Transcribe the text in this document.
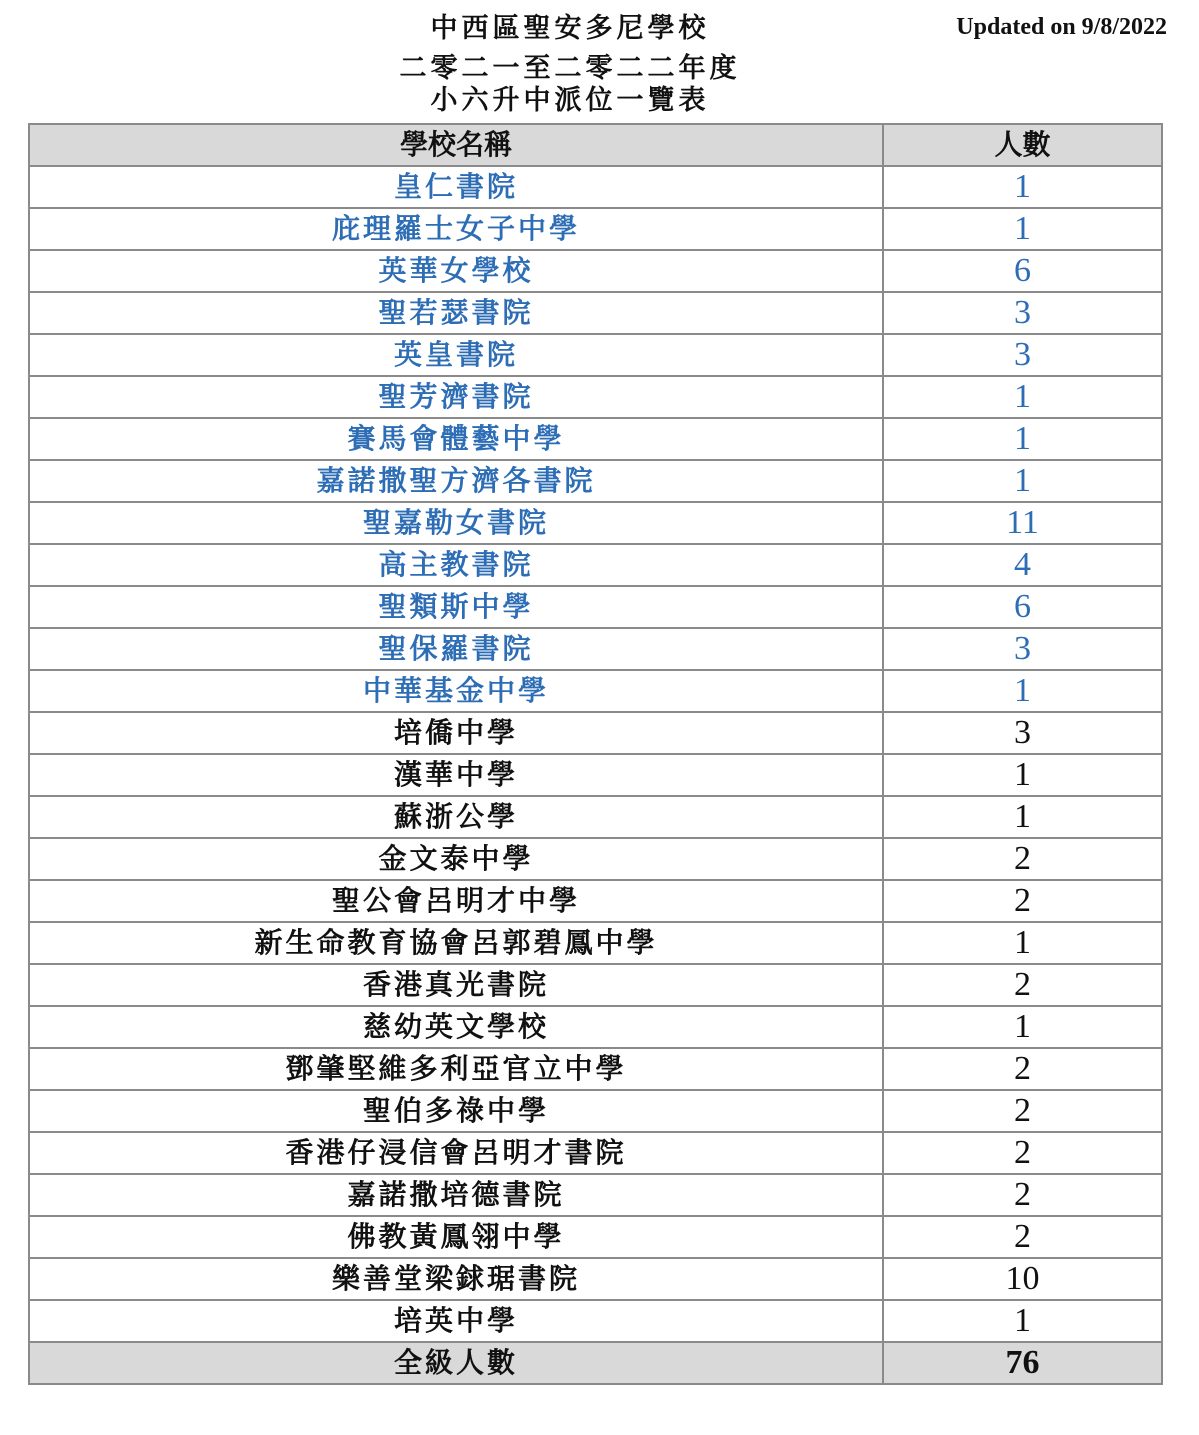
中西區聖安多尼學校
二零二一至二零二二年度
小六升中派位一覽表
Updated on 9/8/2022
學校名稱	人數
皇仁書院	1
庇理羅士女子中學	1
英華女學校	6
聖若瑟書院	3
英皇書院	3
聖芳濟書院	1
賽馬會體藝中學	1
嘉諾撒聖方濟各書院	1
聖嘉勒女書院	11
高主教書院	4
聖類斯中學	6
聖保羅書院	3
中華基金中學	1
培僑中學	3
漢華中學	1
蘇浙公學	1
金文泰中學	2
聖公會呂明才中學	2
新生命教育協會呂郭碧鳳中學	1
香港真光書院	2
慈幼英文學校	1
鄧肇堅維多利亞官立中學	2
聖伯多祿中學	2
香港仔浸信會呂明才書院	2
嘉諾撒培德書院	2
佛教黃鳳翎中學	2
樂善堂梁銶琚書院	10
培英中學	1
全級人數	76
